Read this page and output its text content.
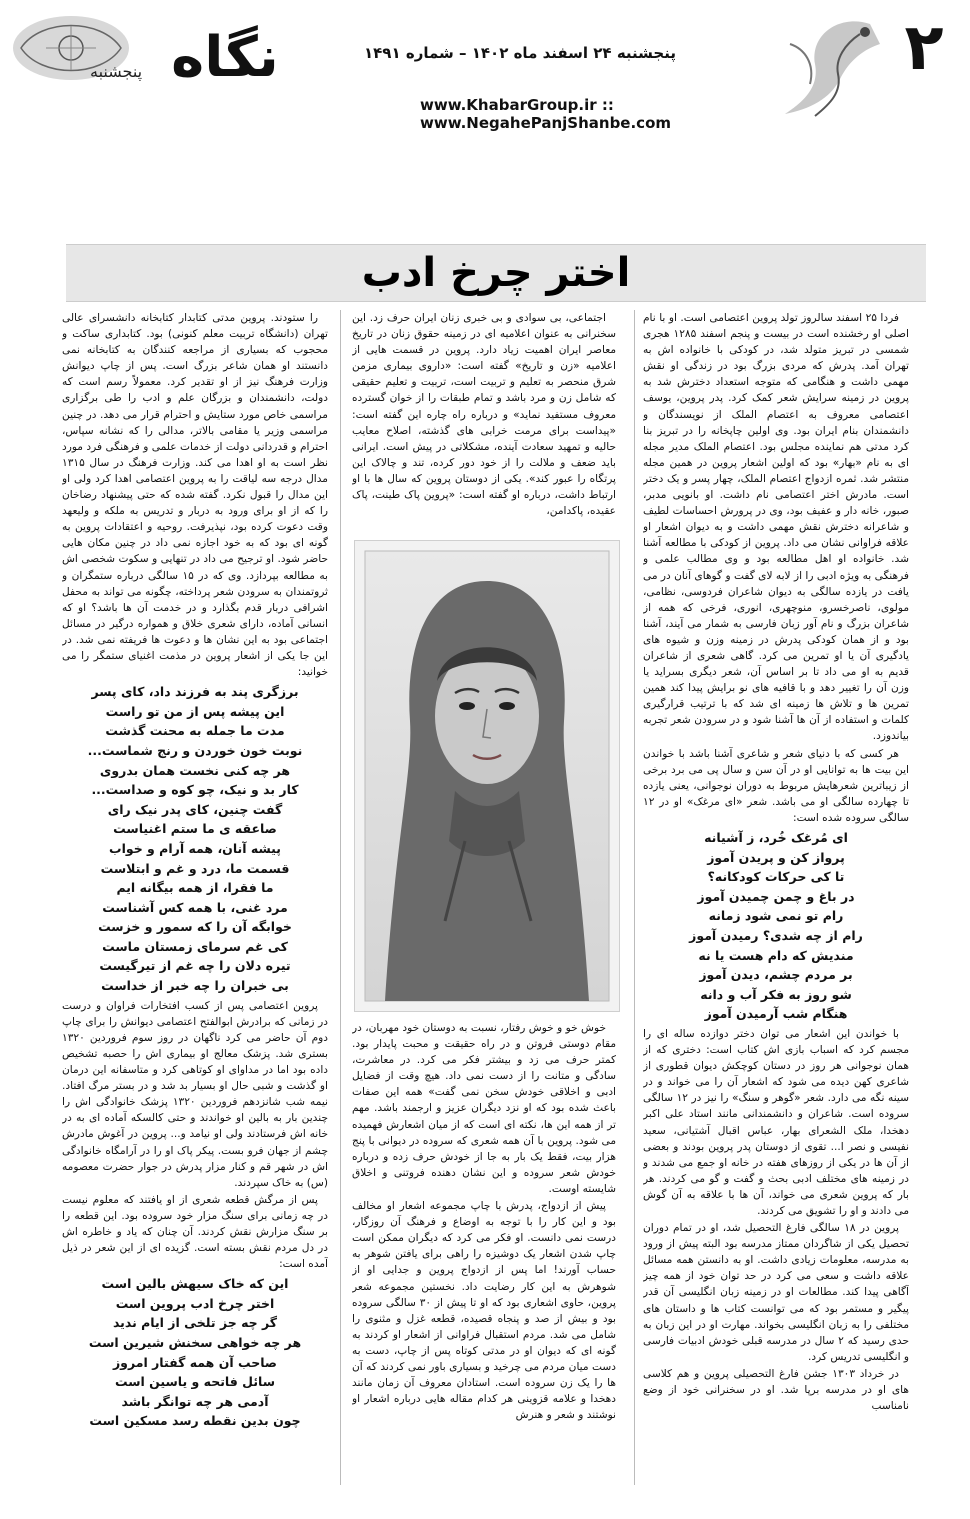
۲
نگاه
پنجشنبه
پنجشنبه ۲۴ اسفند ماه ۱۴۰۲ – شماره ۱۴۹۱
www.KhabarGroup.ir :: www.NegahePanjShanbe.com
اختر چرخ ادب

فردا ۲۵ اسفند سالروز تولد پروین اعتصامی است. او با نام اصلی او رخشنده است در بیست و پنجم اسفند ۱۲۸۵ هجری شمسی در تبریز متولد شد، در کودکی با خانواده اش به تهران آمد. پدرش که مردی بزرگ بود در زندگی او نقش مهمی داشت و هنگامی که متوجه استعداد دخترش شد به پروین در زمینه سرایش شعر کمک کرد. پدر پروین، یوسف اعتصامی معروف به اعتصام الملک از نویسندگان و دانشمندان بنام ایران بود. وی اولین چاپخانه را در تبریز بنا کرد مدتی هم نماینده مجلس بود. اعتصام الملک مدیر مجله ای به نام «بهار» بود که اولین اشعار پروین در همین مجله منتشر شد. ثمره ازدواج اعتصام الملک، چهار پسر و یک دختر است. مادرش اختر اعتصامی نام داشت. او بانویی مدبر، صبور، خانه دار و عفیف بود، وی در پرورش احساسات لطیف و شاعرانه دخترش نقش مهمی داشت و به دیوان اشعار او علاقه فراوانی نشان می داد. پروین از کودکی با مطالعه آشنا شد. خانواده او اهل مطالعه بود و وی مطالب علمی و فرهنگی به ویژه ادبی را از لابه لای گفت و گوهای آنان در می یافت در یازده سالگی به دیوان شاعران فردوسی، نظامی، مولوی، ناصرخسرو، منوچهری، انوری، فرخی که همه از شاعران بزرگ و نام آور زبان فارسی به شمار می آیند، آشنا بود و از همان کودکی پدرش در زمینه وزن و شیوه های یادگیری آن یا او تمرین می کرد. گاهی شعری از شاعران قدیم به او می داد تا بر اساس آن، شعر دیگری بسراید یا وزن آن را تغییر دهد و با قافیه های نو برایش پیدا کند همین تمرین ها و تلاش ها زمینه ای شد که با ترتیب قرارگیری کلمات و استفاده از آن ها آشنا شود و در سرودن شعر تجربه بیاندوزد.

هر کسی که با دنیای شعر و شاعری آشنا باشد با خواندن این بیت ها به توانایی او در آن سن و سال پی می برد برخی از زیباترین شعرهایش مربوط به دوران نوجوانی، یعنی یازده تا چهارده سالگی او می باشد. شعر «ای مرغک» او در ۱۲ سالگی سروده شده است:

ای مُرغک خُرد، ز آشیانه
پرواز کن و پریدن آموز
تا کی حرکات کودکانه؟
در باغ و چمن چمیدن آموز
رام تو نمی شود زمانه
رام از چه شدی؟ رمیدن آموز
مندیش که دام هست یا نه
بر مردم چشم، دیدن آموز
شو روز به فکر آب و دانه
هنگام شب آرمیدن آموز

با خواندن این اشعار می توان دختر دوازده ساله ای را مجسم کرد که اسباب بازی اش کتاب است: دختری که از همان نوجوانی هر روز در دستان کوچکش دیوان قطوری از شاعری کهن دیده می شود که اشعار آن را می خواند و در سینه نگه می دارد. شعر «گوهر و سنگ» را نیز در ۱۲ سالگی سروده است. شاعران و دانشمندانی مانند استاد علی اکبر دهخدا، ملک الشعرای بهار، عباس اقبال آشتیانی، سعید نفیسی و نصر ا... تقوی از دوستان پدر پروین بودند و بعضی از آن ها در یکی از روزهای هفته در خانه او جمع می شدند و در زمینه های مختلف ادبی بحث و گفت و گو می کردند. هر بار که پروین شعری می خواند، آن ها با علاقه به آن گوش می دادند و او را تشویق می کردند.

پروین در ۱۸ سالگی فارغ التحصیل شد، او در تمام دوران تحصیل یکی از شاگردان ممتاز مدرسه بود البته پیش از ورود به مدرسه، معلومات زیادی داشت. او به دانستن همه مسائل علاقه داشت و سعی می کرد در حد توان خود از همه چیز آگاهی پیدا کند. مطالعات او در زمینه زبان انگلیسی آن قدر پیگیر و مستمر بود که می توانست کتاب ها و داستان های مختلفی را به زبان انگلیسی بخواند. مهارت او در این زبان به حدی رسید که ۲ سال در مدرسه قبلی خودش ادبیات فارسی و انگلیسی تدریس کرد.

در خرداد ۱۳۰۳ جشن فارغ التحصیلی پروین و هم کلاسی های او در مدرسه برپا شد. او در سخنرانی خود از وضع نامناسب

اجتماعی، بی سوادی و بی خبری زنان ایران حرف زد. این سخنرانی به عنوان اعلامیه ای در زمینه حقوق زنان در تاریخ معاصر ایران اهمیت زیاد دارد. پروین در قسمت هایی از اعلامیه «زن و تاریخ» گفته است: «داروی بیماری مزمن شرق منحصر به تعلیم و تربیت است، تربیت و تعلیم حقیقی که شامل زن و مرد باشد و تمام طبقات را از خوان گسترده معروف مستفید نماید» و درباره راه چاره این گفته است: «پیداست برای مرمت خرابی های گذشته، اصلاح معایب حالیه و تمهید سعادت آینده، مشکلاتی در پیش است. ایرانی باید ضعف و ملالت را از خود دور کرده، تند و چالاک این پرتگاه را عبور کند». یکی از دوستان پروین که سال ها با او ارتباط داشت، درباره او گفته است: «پروین پاک طینت، پاک عقیده، پاکدامن،

خوش خو و خوش رفتار، نسبت به دوستان خود مهربان، در مقام دوستی فروتن و در راه حقیقت و محبت پایدار بود. کمتر حرف می زد و بیشتر فکر می کرد. در معاشرت، سادگی و متانت را از دست نمی داد. هیچ وقت از فضایل ادبی و اخلاقی خودش سخن نمی گفت» همه این صفات باعث شده بود که او نزد دیگران عزیز و ارجمند باشد. مهم تر از همه این ها، نکته ای است که از میان اشعارش فهمیده می شود. پروین با آن همه شعری که سروده در دیوانی با پنج هزار بیت، فقط یک بار به جا از خودش حرف زده و درباره خودش شعر سروده و این نشان دهنده فروتنی و اخلاق شایسته اوست.

پیش از ازدواج، پدرش با چاپ مجموعه اشعار او مخالف بود و این کار را با توجه به اوضاع و فرهنگ آن روزگار، درست نمی دانست. او فکر می کرد که دیگران ممکن است چاپ شدن اشعار یک دوشیزه را راهی برای یافتن شوهر به حساب آورند! اما پس از ازدواج پروین و جدایی او از شوهرش به این کار رضایت داد. نخستین مجموعه شعر پروین، حاوی اشعاری بود که او تا پیش از ۳۰ سالگی سروده بود و بیش از صد و پنجاه قصیده، قطعه غزل و مثنوی را شامل می شد. مردم استقبال فراوانی از اشعار او کردند به گونه ای که دیوان او در مدتی کوتاه پس از چاپ، دست به دست میان مردم می چرخید و بسیاری باور نمی کردند که آن ها را یک زن سروده است. استادان معروف آن زمان مانند دهخدا و علامه قزوینی هر کدام مقاله هایی درباره اشعار او نوشتند و شعر و هنرش

را ستودند. پروین مدتی کتابدار کتابخانه دانشسرای عالی تهران (دانشگاه تربیت معلم کنونی) بود. کتابداری ساکت و محجوب که بسیاری از مراجعه کنندگان به کتابخانه نمی دانستند او همان شاعر بزرگ است. پس از چاپ دیوانش وزارت فرهنگ نیز از او تقدیر کرد. معمولاً رسم است که دولت، دانشمندان و بزرگان علم و ادب را طی برگزاری مراسمی خاص مورد ستایش و احترام قرار می دهد. در چنین مراسمی وزیر یا مقامی بالاتر، مدالی را که نشانه سپاس، احترام و قدردانی دولت از خدمات علمی و فرهنگی فرد مورد نظر است به او اهدا می کند. وزارت فرهنگ در سال ۱۳۱۵ مدال درجه سه لیاقت را به پروین اعتصامی اهدا کرد ولی او این مدال را قبول نکرد. گفته شده که حتی پیشنهاد رضاخان را که از او برای ورود به دربار و تدریس به ملکه و ولیعهد وقت دعوت کرده بود، نپذیرفت. روحیه و اعتقادات پروین به گونه ای بود که به خود اجازه نمی داد در چنین مکان هایی حاضر شود. او ترجیح می داد در تنهایی و سکوت شخصی اش به مطالعه بپردازد. وی که در ۱۵ سالگی درباره ستمگران و ثروتمندان به سرودن شعر پرداخته، چگونه می تواند به محفل اشرافی دربار قدم بگذارد و در خدمت آن ها باشد؟ او که انسانی آماده، دارای شعری خلاق و همواره درگیر در مسائل اجتماعی بود به این نشان ها و دعوت ها فریفته نمی شد. در این جا یکی از اشعار پروین در مذمت اغنیای ستمگر را می خوانید:

برزگری پند به فرزند داد، کای پسر
این پیشه پس از من تو راست
مدت ما جمله به محنت گذشت
نوبت خون خوردن و رنج شماست...
هر چه کنی نخست همان بدروی
کار بد و نیک، چو کوه و صداست...
گفت چنین، کای پدر نیک رای
صاعقه ی ما ستم اغنیاست
پیشه آنان، همه آرام و خواب
قسمت ما، درد و غم و ابتلاست
ما فقرا، از همه بیگانه ایم
مرد غنی، با همه کس آشناست
خوابگه آن را که سمور و خزست
کی غم سرمای زمستان ماست
تیره دلان را چه غم از تیرگیست
بی خبران را چه خبر از خداست

پروین اعتصامی پس از کسب افتخارات فراوان و درست در زمانی که برادرش ابوالفتح اعتصامی دیوانش را برای چاپ دوم آن حاضر می کرد ناگهان در روز سوم فروردین ۱۳۲۰ بستری شد. پزشک معالج او بیماری اش را حصبه تشخیص داده بود اما در مداوای او کوتاهی کرد و متاسفانه این درمان او گذشت و شبی حال او بسیار بد شد و در بستر مرگ افتاد. نیمه شب شانزدهم فروردین ۱۳۲۰ پزشک خانوادگی اش را چندین بار به بالین او خواندند و حتی کالسکه آماده ای به در خانه اش فرستادند ولی او نیامد و... پروین در آغوش مادرش چشم از جهان فرو بست. پیکر پاک او را در آرامگاه خانوادگی اش در شهر قم و کنار مزار پدرش در جوار حضرت معصومه (س) به خاک سپردند.

پس از مرگش قطعه شعری از او یافتند که معلوم نیست در چه زمانی برای سنگ مزار خود سروده بود. این قطعه را بر سنگ مزارش نقش کردند. آن چنان که یاد و خاطره اش در دل مردم نقش بسته است. گزیده ای از این شعر در ذیل آمده است:

این که خاک سیهش بالین است
اختر چرخ ادب پروین است
گر چه جز تلخی از ایام ندید
هر چه خواهی سخنش شیرین است
صاحب آن همه گفتار امروز
سائل فاتحه و یاسین است
آدمی هر چه توانگر باشد
چون بدین نقطه رسد مسکین است
